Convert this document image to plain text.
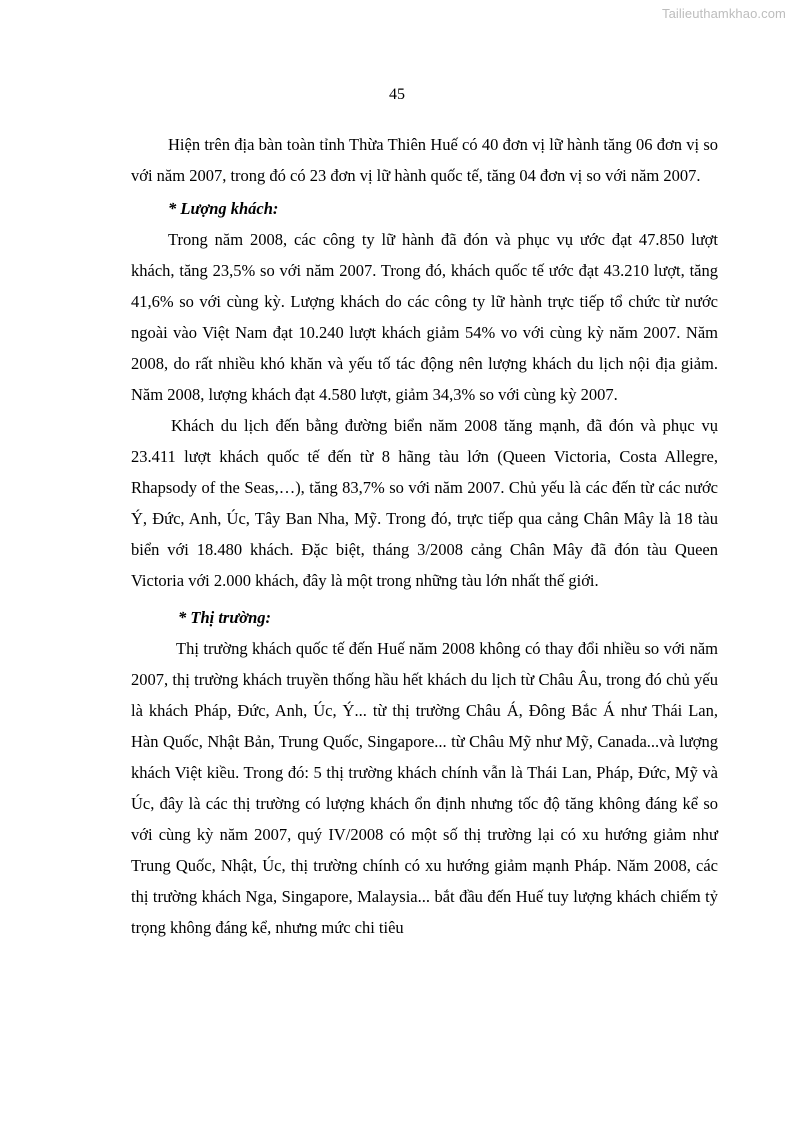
Tailieuthamkhao.com
45

Hiện trên địa bàn toàn tỉnh Thừa Thiên Huế có 40 đơn vị lữ hành tăng 06 đơn vị so với năm 2007, trong đó có 23 đơn vị lữ hành quốc tế, tăng 04 đơn vị so với năm 2007.

* Lượng khách:

Trong năm 2008, các công ty lữ hành đã đón và phục vụ ước đạt 47.850 lượt khách, tăng 23,5% so với năm 2007. Trong đó, khách quốc tế ước đạt 43.210 lượt, tăng 41,6% so với cùng kỳ. Lượng khách do các công ty lữ hành trực tiếp tổ chức từ nước ngoài vào Việt Nam đạt 10.240 lượt khách giảm 54% vo với cùng kỳ năm 2007. Năm 2008, do rất nhiều khó khăn và yếu tố tác động nên lượng khách du lịch nội địa giảm. Năm 2008, lượng khách đạt 4.580 lượt, giảm 34,3% so với cùng kỳ 2007.

Khách du lịch đến bằng đường biển năm 2008 tăng mạnh, đã đón và phục vụ 23.411 lượt khách quốc tế đến từ 8 hãng tàu lớn (Queen Victoria, Costa Allegre, Rhapsody of the Seas,…), tăng 83,7% so với năm 2007. Chủ yếu là các đến từ các nước Ý, Đức, Anh, Úc, Tây Ban Nha, Mỹ. Trong đó, trực tiếp qua cảng Chân Mây là 18 tàu biển với 18.480 khách. Đặc biệt, tháng 3/2008 cảng Chân Mây đã đón tàu Queen Victoria với 2.000 khách, đây là một trong những tàu lớn nhất thế giới.

* Thị trường:

Thị trường khách quốc tế đến Huế năm 2008 không có thay đổi nhiều so với năm 2007, thị trường khách truyền thống hầu hết khách du lịch từ Châu Âu, trong đó chủ yếu là khách Pháp, Đức, Anh, Úc, Ý... từ thị trường Châu Á, Đông Bắc Á như Thái Lan, Hàn Quốc, Nhật Bản, Trung Quốc, Singapore... từ Châu Mỹ như Mỹ, Canada...và lượng khách Việt kiều. Trong đó: 5 thị trường khách chính vẫn là Thái Lan, Pháp, Đức, Mỹ và Úc, đây là các thị trường có lượng khách ổn định nhưng tốc độ tăng không đáng kể so với cùng kỳ năm 2007, quý IV/2008 có một số thị trường lại có xu hướng giảm như Trung Quốc, Nhật, Úc, thị trường chính có xu hướng giảm mạnh Pháp. Năm 2008, các thị trường khách Nga, Singapore, Malaysia... bắt đầu đến Huế tuy lượng khách chiếm tỷ trọng không đáng kể, nhưng mức chi tiêu
